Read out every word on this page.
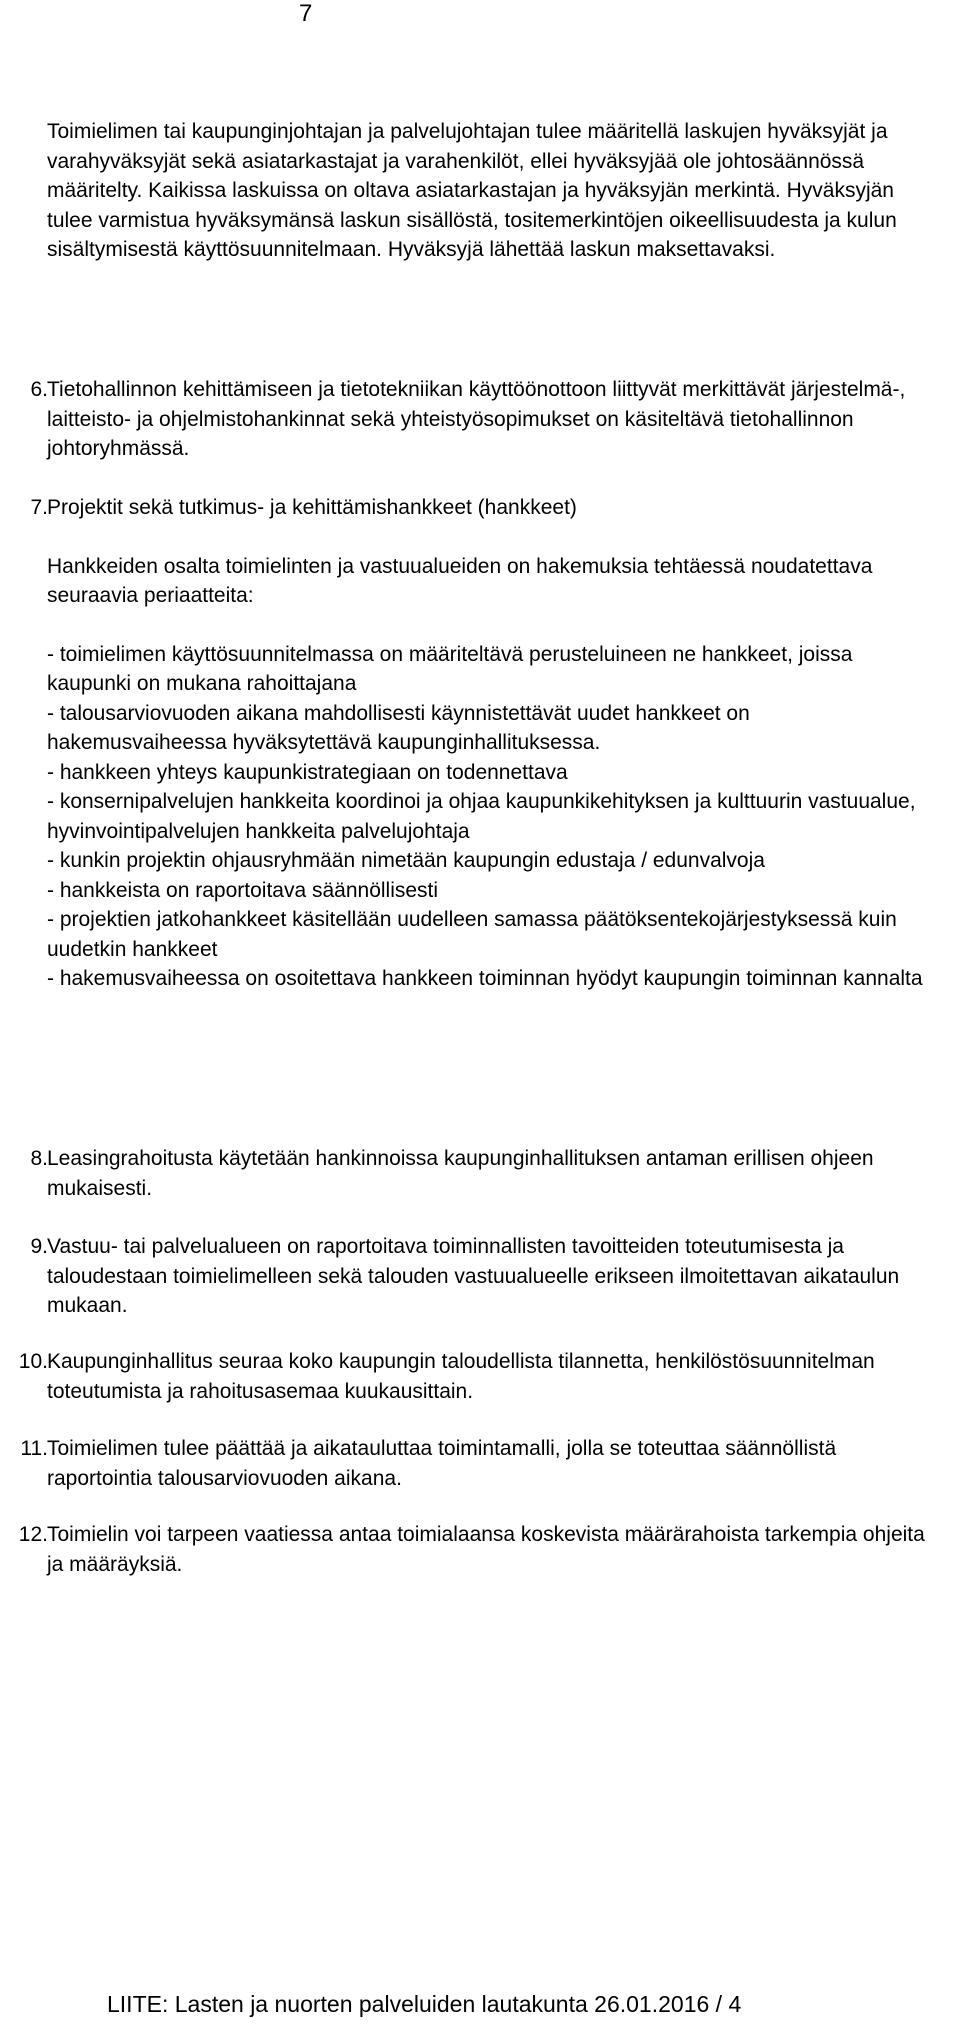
7

Toimielimen tai kaupunginjohtajan ja palvelujohtajan tulee määritellä laskujen hyväksyjät ja varahyväksyjät sekä asiatarkastajat ja varahenkilöt, ellei hyväksyjää ole johtosäännössä määritelty. Kaikissa laskuissa on oltava asiatarkastajan ja hyväksyjän merkintä. Hyväksyjän tulee varmistua hyväksymänsä laskun sisällöstä, tositemerkintöjen oikeellisuudesta ja kulun sisältymisestä käyttösuunnitelmaan. Hyväksyjä lähettää laskun maksettavaksi.

6. Tietohallinnon kehittämiseen ja tietotekniikan käyttöönottoon liittyvät merkittävät järjestelmä-, laitteisto- ja ohjelmistohankinnat sekä yhteistyösopimukset on käsiteltävä tietohallinnon johtoryhmässä.

7. Projektit sekä tutkimus- ja kehittämishankkeet (hankkeet)

Hankkeiden osalta toimielinten ja vastuualueiden on hakemuksia tehtäessä noudatettava seuraavia periaatteita:

- toimielimen käyttösuunnitelmassa on määriteltävä perusteluineen ne hankkeet, joissa kaupunki on mukana rahoittajana

- talousarviovuoden aikana mahdollisesti käynnistettävät uudet hankkeet on hakemusvaiheessa hyväksytettävä kaupunginhallituksessa.

- hankkeen yhteys kaupunkistrategiaan on todennettava

- konsernipalvelujen hankkeita koordinoi ja ohjaa kaupunkikehityksen ja kulttuurin vastuualue, hyvinvointipalvelujen hankkeita palvelujohtaja

- kunkin projektin ohjausryhmään nimetään kaupungin edustaja / edunvalvoja

- hankkeista on raportoitava säännöllisesti

- projektien jatkohankkeet käsitellään uudelleen samassa päätöksentekojärjestyksessä kuin uudetkin hankkeet

- hakemusvaiheessa on osoitettava hankkeen toiminnan hyödyt kaupungin toiminnan kannalta

8. Leasingrahoitusta käytetään hankinnoissa kaupunginhallituksen antaman erillisen ohjeen mukaisesti.

9. Vastuu- tai palvelualueen on raportoitava toiminnallisten tavoitteiden toteutumisesta ja taloudestaan toimielimelleen sekä talouden vastuualueelle erikseen ilmoitettavan aikataulun mukaan.

10. Kaupunginhallitus seuraa koko kaupungin taloudellista tilannetta, henkilöstösuunnitelman toteutumista ja rahoitusasemaa kuukausittain.

11. Toimielimen tulee päättää ja aikatauluttaa toimintamalli, jolla se toteuttaa säännöllistä raportointia talousarviovuoden aikana.

12. Toimielin voi tarpeen vaatiessa antaa toimialaansa koskevista määrärahoista tarkempia ohjeita ja määräyksiä.

LIITE: Lasten ja nuorten palveluiden lautakunta 26.01.2016 / 4
